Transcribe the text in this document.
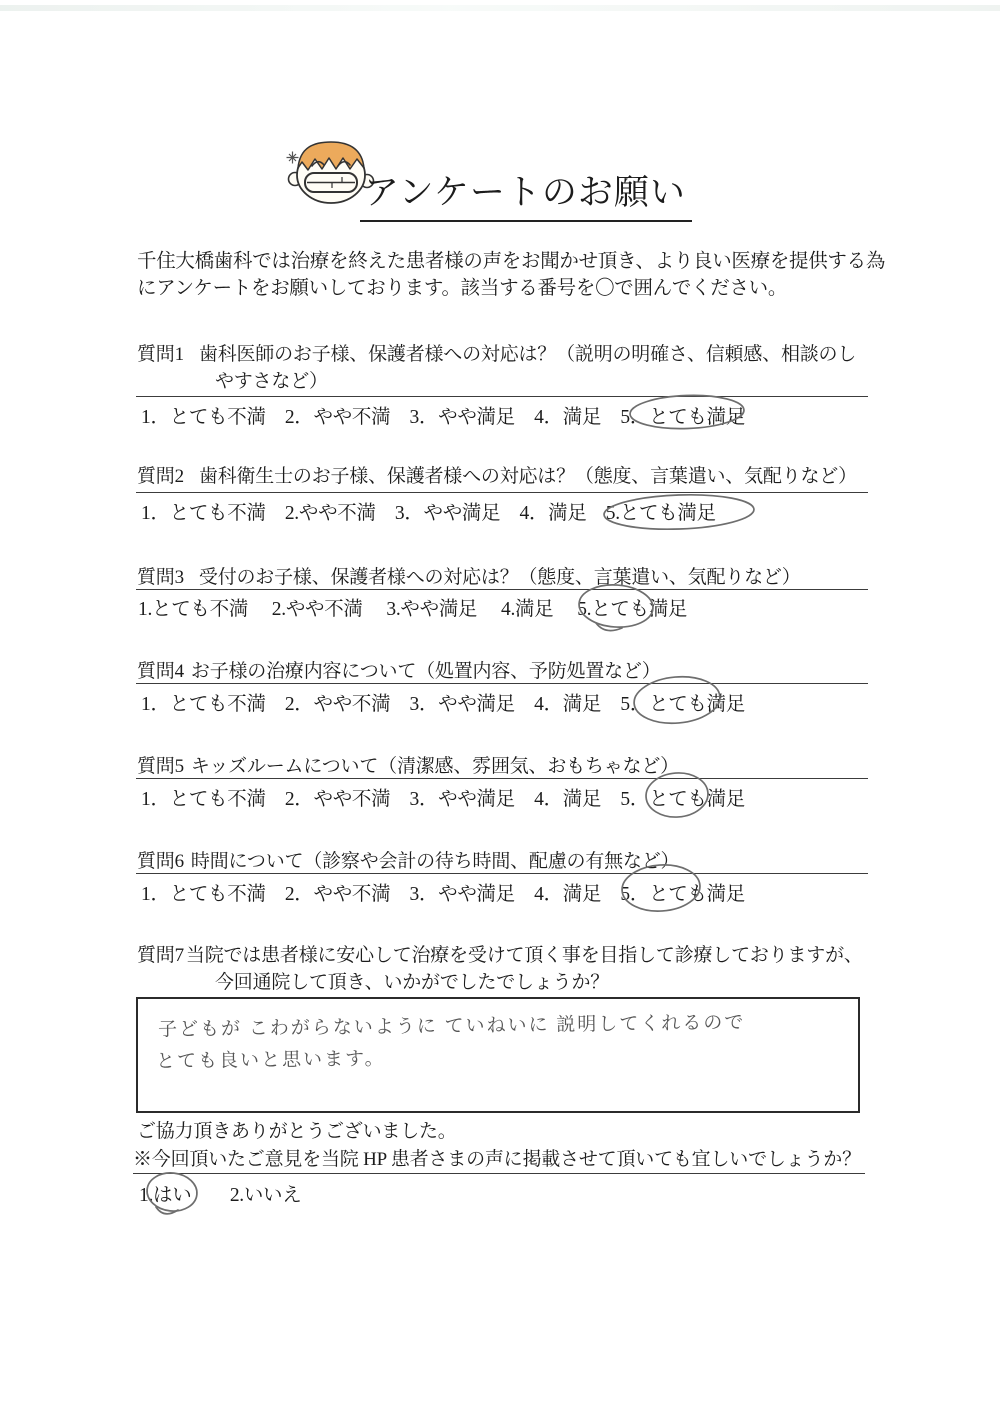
アンケートのお願い
千住大橋歯科では治療を終えた患者様の声をお聞かせ頂き、より良い医療を提供する為
にアンケートをお願いしております。該当する番号を〇で囲んでください。
質問1 歯科医師のお子様、保護者様への対応は？（説明の明確さ、信頼感、相談のし
やすさなど）
1．とても不満　2．やや不満　3．やや満足　4．満足　5．とても満足
質問2 歯科衛生士のお子様、保護者様への対応は？（態度、言葉遣い、気配りなど）
1．とても不満　2.やや不満　3．やや満足　4．満足　5.とても満足
質問3 受付のお子様、保護者様への対応は？（態度、言葉遣い、気配りなど）
1.とても不満　 2.やや不満　 3.やや満足　 4.満足　 5.とても満足
質問4 お子様の治療内容について（処置内容、予防処置など）
1．とても不満　2．やや不満　3．やや満足　4．満足　5．とても満足
質問5 キッズルームについて（清潔感、雰囲気、おもちゃなど）
1．とても不満　2．やや不満　3．やや満足　4．満足　5．とても満足
質問6 時間について（診察や会計の待ち時間、配慮の有無など）
1．とても不満　2．やや不満　3．やや満足　4．満足　5．とても満足
質問7 当院では患者様に安心して治療を受けて頂く事を目指して診療しておりますが、
今回通院して頂き、いかがでしたでしょうか？
子どもが こわがらないように ていねいに 説明してくれるので
とても良いと思います。
ご協力頂きありがとうございました。
※今回頂いたご意見を当院 HP 患者さまの声に掲載させて頂いても宜しいでしょうか？
1.はい　　2.いいえ
